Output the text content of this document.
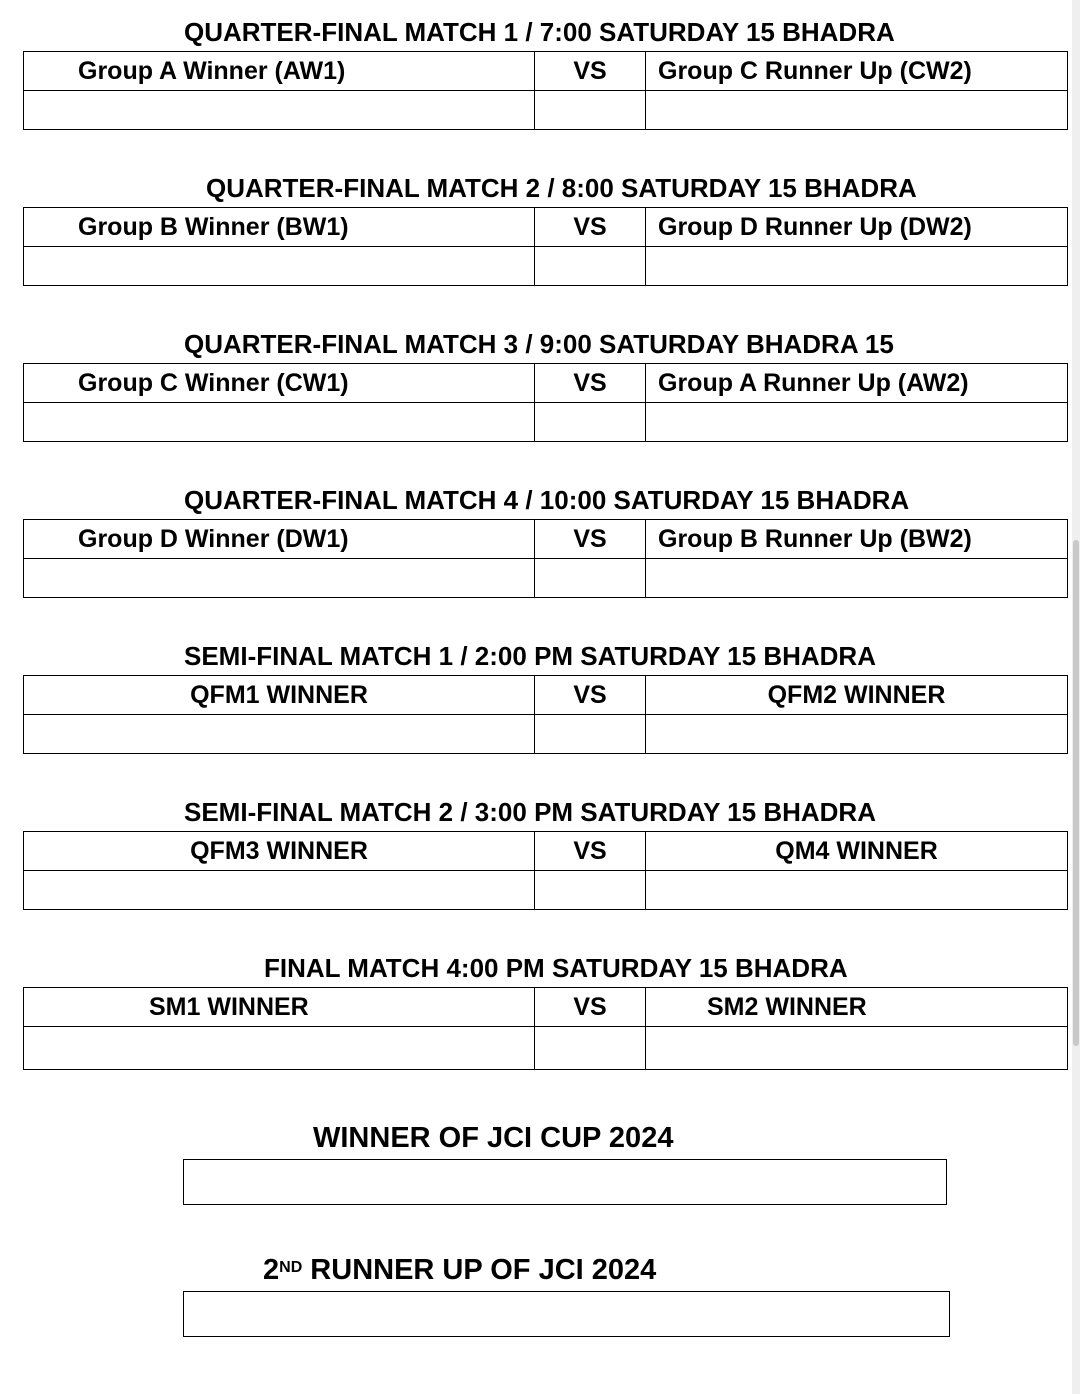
QUARTER-FINAL MATCH 1 / 7:00 SATURDAY 15 BHADRA
Group A Winner (AW1)	VS	Group C Runner Up (CW2)

QUARTER-FINAL MATCH 2 / 8:00 SATURDAY 15 BHADRA
Group B Winner (BW1)	VS	Group D Runner Up (DW2)

QUARTER-FINAL MATCH 3 / 9:00 SATURDAY BHADRA 15
Group C Winner (CW1)	VS	Group A Runner Up (AW2)

QUARTER-FINAL MATCH 4 / 10:00 SATURDAY 15 BHADRA
Group D Winner (DW1)	VS	Group B Runner Up (BW2)

SEMI-FINAL MATCH 1 / 2:00 PM SATURDAY 15 BHADRA
QFM1 WINNER	VS	QFM2 WINNER

SEMI-FINAL MATCH 2 / 3:00 PM SATURDAY 15 BHADRA
QFM3 WINNER	VS	QM4 WINNER

FINAL MATCH 4:00 PM SATURDAY 15 BHADRA
SM1 WINNER	VS	SM2 WINNER

WINNER OF JCI CUP 2024
2ND RUNNER UP OF JCI 2024
